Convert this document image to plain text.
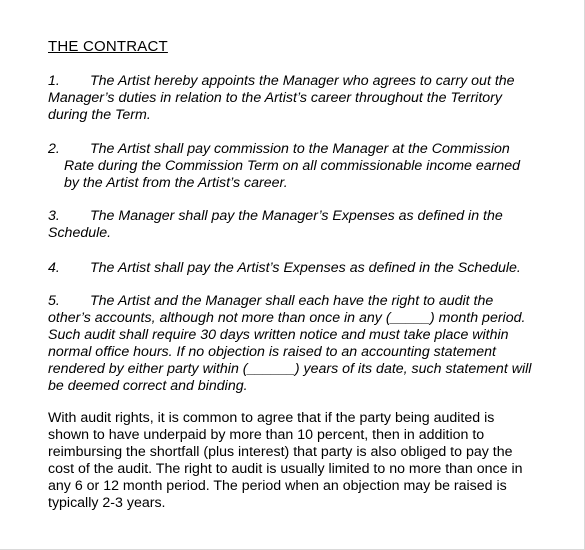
THE CONTRACT
1. The Artist hereby appoints the Manager who agrees to carry out the
Manager’s duties in relation to the Artist’s career throughout the Territory
during the Term.
2. The Artist shall pay commission to the Manager at the Commission
Rate during the Commission Term on all commissionable income earned
by the Artist from the Artist’s career.
3. The Manager shall pay the Manager’s Expenses as defined in the
Schedule.
4. The Artist shall pay the Artist’s Expenses as defined in the Schedule.
5. The Artist and the Manager shall each have the right to audit the
other’s accounts, although not more than once in any (_____) month period.
Such audit shall require 30 days written notice and must take place within
normal office hours. If no objection is raised to an accounting statement
rendered by either party within (______) years of its date, such statement will
be deemed correct and binding.
With audit rights, it is common to agree that if the party being audited is
shown to have underpaid by more than 10 percent, then in addition to
reimbursing the shortfall (plus interest) that party is also obliged to pay the
cost of the audit. The right to audit is usually limited to no more than once in
any 6 or 12 month period. The period when an objection may be raised is
typically 2-3 years.
